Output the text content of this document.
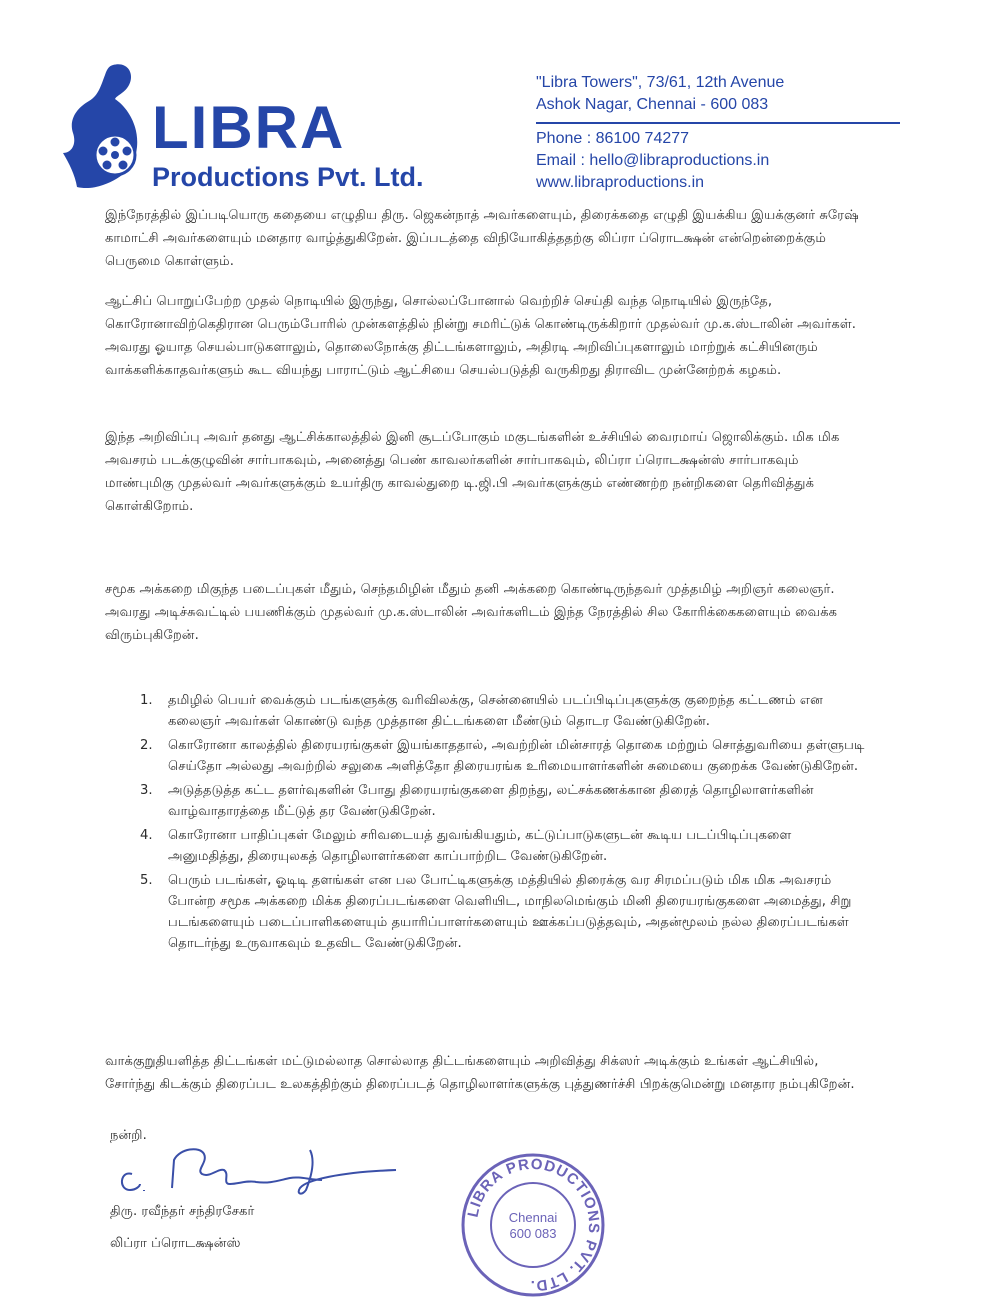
LIBRA
Productions Pvt. Ltd.
"Libra Towers", 73/61, 12th Avenue
Ashok Nagar, Chennai - 600 083
Phone : 86100 74277
Email : hello@libraproductions.in
www.libraproductions.in
இந்நேரத்தில் இப்படியொரு கதையை எழுதிய திரு. ஜெகன்நாத் அவர்களையும், திரைக்கதை எழுதி இயக்கிய இயக்குனர் சுரேஷ் காமாட்சி அவர்களையும் மனதார வாழ்த்துகிறேன். இப்படத்தை விநியோகித்ததற்கு லிப்ரா ப்ரொடக்ஷன் என்றென்றைக்கும் பெருமை கொள்ளும்.
ஆட்சிப் பொறுப்பேற்ற முதல் நொடியில் இருந்து, சொல்லப்போனால் வெற்றிச் செய்தி வந்த நொடியில் இருந்தே, கொரோனாவிற்கெதிரான பெரும்போரில் முன்களத்தில் நின்று சமரிட்டுக் கொண்டிருக்கிறார் முதல்வர் மு.க.ஸ்டாலின் அவர்கள். அவரது ஓயாத செயல்பாடுகளாலும், தொலைநோக்கு திட்டங்களாலும், அதிரடி அறிவிப்புகளாலும் மாற்றுக் கட்சியினரும் வாக்களிக்காதவர்களும் கூட வியந்து பாராட்டும் ஆட்சியை செயல்படுத்தி வருகிறது திராவிட முன்னேற்றக் கழகம்.
இந்த அறிவிப்பு அவர் தனது ஆட்சிக்காலத்தில் இனி சூடப்போகும் மகுடங்களின் உச்சியில் வைரமாய் ஜொலிக்கும். மிக மிக அவசரம் படக்குழுவின் சார்பாகவும், அனைத்து பெண் காவலர்களின் சார்பாகவும், லிப்ரா ப்ரொடக்ஷன்ஸ் சார்பாகவும் மாண்புமிகு முதல்வர் அவர்களுக்கும் உயர்திரு காவல்துறை டி.ஜி.பி அவர்களுக்கும் எண்ணற்ற நன்றிகளை தெரிவித்துக் கொள்கிறோம்.
சமூக அக்கறை மிகுந்த படைப்புகள் மீதும், செந்தமிழின் மீதும் தனி அக்கறை கொண்டிருந்தவர் முத்தமிழ் அறிஞர் கலைஞர். அவரது அடிச்சுவட்டில் பயணிக்கும் முதல்வர் மு.க.ஸ்டாலின் அவர்களிடம் இந்த நேரத்தில் சில கோரிக்கைகளையும் வைக்க விரும்புகிறேன்.
1.	தமிழில் பெயர் வைக்கும் படங்களுக்கு வரிவிலக்கு, சென்னையில் படப்பிடிப்புகளுக்கு குறைந்த கட்டணம் என கலைஞர் அவர்கள் கொண்டு வந்த முத்தான திட்டங்களை மீண்டும் தொடர வேண்டுகிறேன்.
2.	கொரோனா காலத்தில் திரையரங்குகள் இயங்காததால், அவற்றின் மின்சாரத் தொகை மற்றும் சொத்துவரியை தள்ளுபடி செய்தோ அல்லது அவற்றில் சலுகை அளித்தோ திரையரங்க உரிமையாளர்களின் சுமையை குறைக்க வேண்டுகிறேன்.
3.	அடுத்தடுத்த கட்ட தளர்வுகளின் போது திரையரங்குகளை திறந்து, லட்சக்கணக்கான திரைத் தொழிலாளர்களின் வாழ்வாதாரத்தை மீட்டுத் தர வேண்டுகிறேன்.
4.	கொரோனா பாதிப்புகள் மேலும் சரிவடையத் துவங்கியதும், கட்டுப்பாடுகளுடன் கூடிய படப்பிடிப்புகளை அனுமதித்து, திரையுலகத் தொழிலாளர்களை காப்பாற்றிட வேண்டுகிறேன்.
5.	பெரும் படங்கள், ஓடிடி தளங்கள் என பல போட்டிகளுக்கு மத்தியில் திரைக்கு வர சிரமப்படும் மிக மிக அவசரம் போன்ற சமூக அக்கறை மிக்க திரைப்படங்களை வெளியிட, மாநிலமெங்கும் மினி திரையரங்குகளை அமைத்து, சிறு படங்களையும் படைப்பாளிகளையும் தயாரிப்பாளர்களையும் ஊக்கப்படுத்தவும், அதன்மூலம் நல்ல திரைப்படங்கள் தொடர்ந்து உருவாகவும் உதவிட வேண்டுகிறேன்.
வாக்குறுதியளித்த திட்டங்கள் மட்டுமல்லாத சொல்லாத திட்டங்களையும் அறிவித்து சிக்ஸர் அடிக்கும் உங்கள் ஆட்சியில், சோர்ந்து கிடக்கும் திரைப்பட உலகத்திற்கும் திரைப்படத் தொழிலாளர்களுக்கு புத்துணர்ச்சி பிறக்குமென்று மனதார நம்புகிறேன்.
நன்றி.
திரு. ரவீந்தர் சந்திரசேகர்
லிப்ரா ப்ரொடக்ஷன்ஸ்
LIBRA PRODUCTIONS PVT. LTD.
Chennai
600 083
